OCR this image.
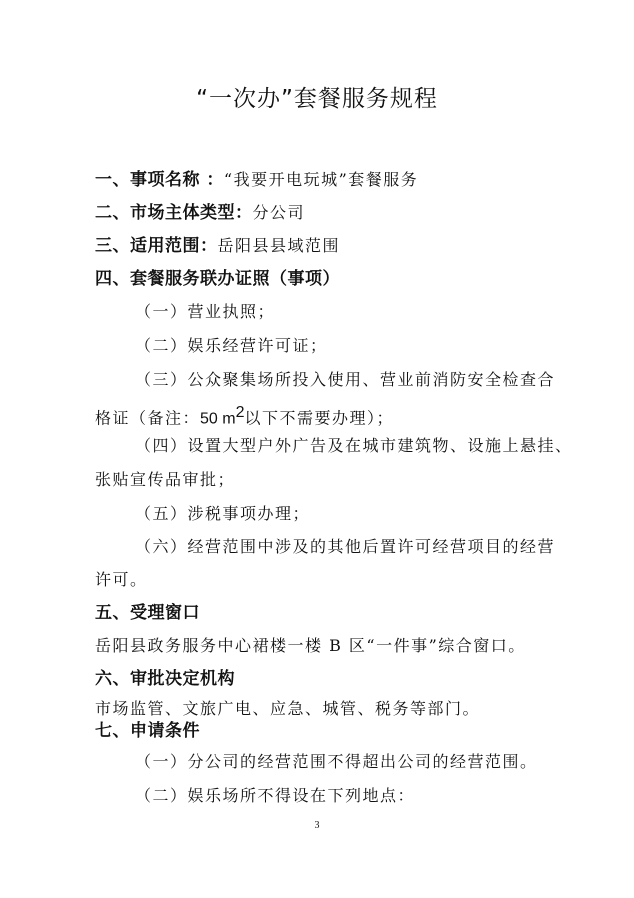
“一次办”套餐服务规程
一、事项名称 ：“我要开电玩城”套餐服务
二、市场主体类型：分公司
三、适用范围：岳阳县县域范围
四、套餐服务联办证照（事项）
（一）营业执照；
（二）娱乐经营许可证；
（三）公众聚集场所投入使用、营业前消防安全检查合
格证（备注：50 $m^2$以下不需要办理）；
（四）设置大型户外广告及在城市建筑物、设施上悬挂、
张贴宣传品审批；
（五）涉税事项办理；
（六）经营范围中涉及的其他后置许可经营项目的经营
许可。
五、受理窗口
岳阳县政务服务中心裙楼一楼 B 区“一件事”综合窗口。
六、审批决定机构
市场监管、文旅广电、应急、城管、税务等部门。
七、申请条件
（一）分公司的经营范围不得超出公司的经营范围。
（二）娱乐场所不得设在下列地点：
3
